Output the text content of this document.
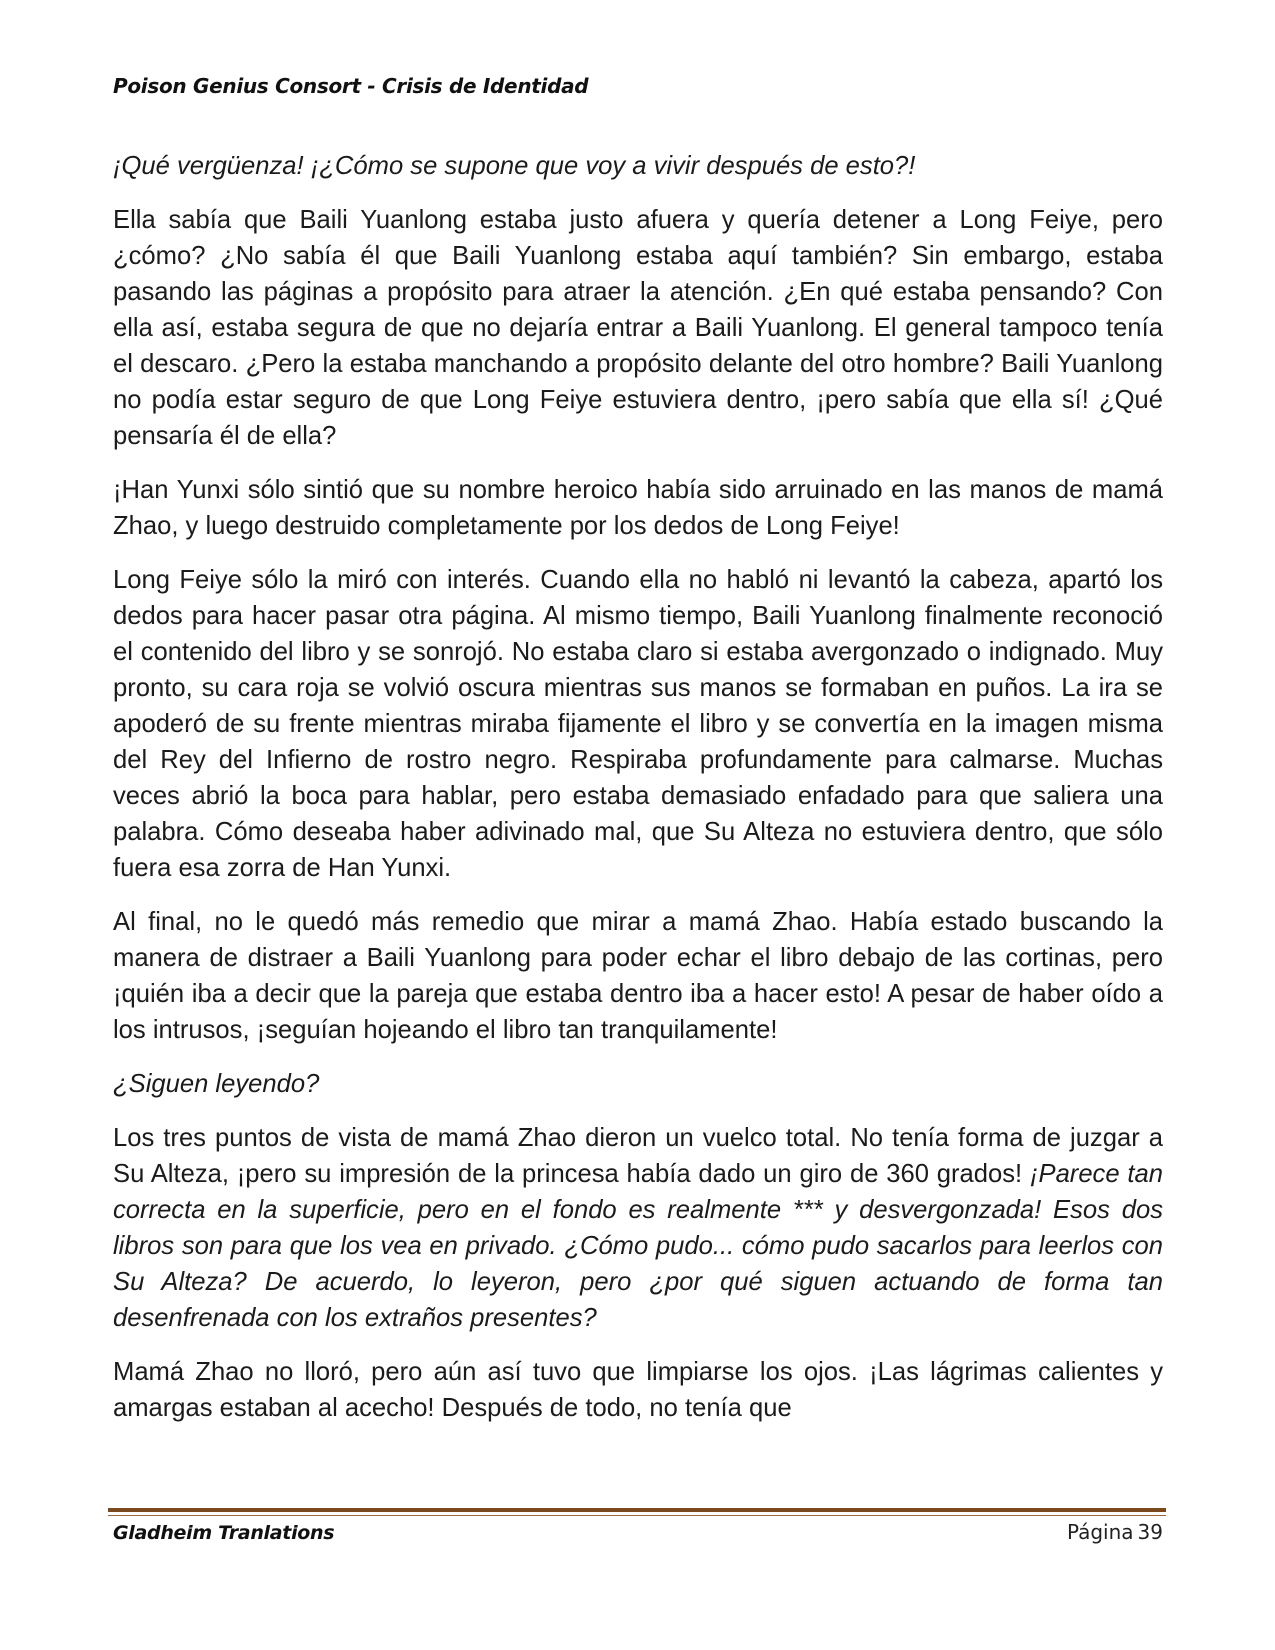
Poison Genius Consort - Crisis de Identidad

¡Qué vergüenza! ¡¿Cómo se supone que voy a vivir después de esto?!

Ella sabía que Baili Yuanlong estaba justo afuera y quería detener a Long Feiye, pero ¿cómo? ¿No sabía él que Baili Yuanlong estaba aquí también? Sin embargo, estaba pasando las páginas a propósito para atraer la atención. ¿En qué estaba pensando? Con ella así, estaba segura de que no dejaría entrar a Baili Yuanlong. El general tampoco tenía el descaro. ¿Pero la estaba manchando a propósito delante del otro hombre? Baili Yuanlong no podía estar seguro de que Long Feiye estuviera dentro, ¡pero sabía que ella sí! ¿Qué pensaría él de ella?

¡Han Yunxi sólo sintió que su nombre heroico había sido arruinado en las manos de mamá Zhao, y luego destruido completamente por los dedos de Long Feiye!

Long Feiye sólo la miró con interés. Cuando ella no habló ni levantó la cabeza, apartó los dedos para hacer pasar otra página. Al mismo tiempo, Baili Yuanlong finalmente reconoció el contenido del libro y se sonrojó. No estaba claro si estaba avergonzado o indignado. Muy pronto, su cara roja se volvió oscura mientras sus manos se formaban en puños. La ira se apoderó de su frente mientras miraba fijamente el libro y se convertía en la imagen misma del Rey del Infierno de rostro negro. Respiraba profundamente para calmarse. Muchas veces abrió la boca para hablar, pero estaba demasiado enfadado para que saliera una palabra. Cómo deseaba haber adivinado mal, que Su Alteza no estuviera dentro, que sólo fuera esa zorra de Han Yunxi.

Al final, no le quedó más remedio que mirar a mamá Zhao. Había estado buscando la manera de distraer a Baili Yuanlong para poder echar el libro debajo de las cortinas, pero ¡quién iba a decir que la pareja que estaba dentro iba a hacer esto! A pesar de haber oído a los intrusos, ¡seguían hojeando el libro tan tranquilamente!

¿Siguen leyendo?

Los tres puntos de vista de mamá Zhao dieron un vuelco total. No tenía forma de juzgar a Su Alteza, ¡pero su impresión de la princesa había dado un giro de 360 grados! ¡Parece tan correcta en la superficie, pero en el fondo es realmente *** y desvergonzada! Esos dos libros son para que los vea en privado. ¿Cómo pudo... cómo pudo sacarlos para leerlos con Su Alteza? De acuerdo, lo leyeron, pero ¿por qué siguen actuando de forma tan desenfrenada con los extraños presentes?

Mamá Zhao no lloró, pero aún así tuvo que limpiarse los ojos. ¡Las lágrimas calientes y amargas estaban al acecho! Después de todo, no tenía que

Gladheim Tranlations	Página 39
